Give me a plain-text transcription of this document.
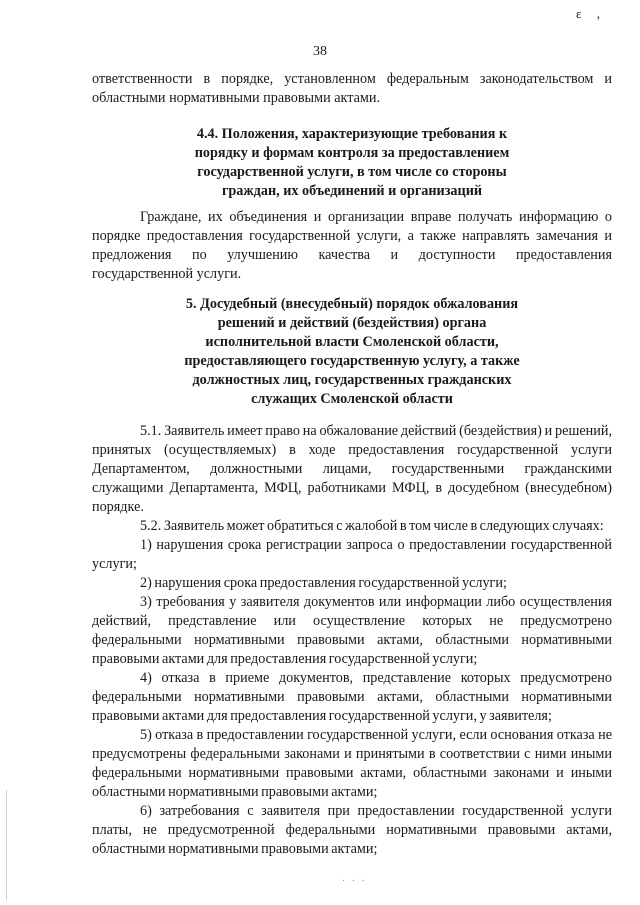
ɛ ,
38

ответственности в порядке, установленном федеральным законодательством и областными нормативными правовыми актами.

4.4. Положения, характеризующие требования к
порядку и формам контроля за предоставлением
государственной услуги, в том числе со стороны
граждан, их объединений и организаций

Граждане, их объединения и организации вправе получать информацию о порядке предоставления государственной услуги, а также направлять замечания и предложения по улучшению качества и доступности предоставления государственной услуги.

5. Досудебный (внесудебный) порядок обжалования
решений и действий (бездействия) органа
исполнительной власти Смоленской области,
предоставляющего государственную услугу, а также
должностных лиц, государственных гражданских
служащих Смоленской области

5.1. Заявитель имеет право на обжалование действий (бездействия) и решений, принятых (осуществляемых) в ходе предоставления государственной услуги Департаментом, должностными лицами, государственными гражданскими служащими Департамента, МФЦ, работниками МФЦ, в досудебном (внесудебном) порядке.

5.2. Заявитель может обратиться с жалобой в том числе в следующих случаях:

1) нарушения срока регистрации запроса о предоставлении государственной услуги;

2) нарушения срока предоставления государственной услуги;

3) требования у заявителя документов или информации либо осуществления действий, представление или осуществление которых не предусмотрено федеральными нормативными правовыми актами, областными нормативными правовыми актами для предоставления государственной услуги;

4) отказа в приеме документов, представление которых предусмотрено федеральными нормативными правовыми актами, областными нормативными правовыми актами для предоставления государственной услуги, у заявителя;

5) отказа в предоставлении государственной услуги, если основания отказа не предусмотрены федеральными законами и принятыми в соответствии с ними иными федеральными нормативными правовыми актами, областными законами и иными областными нормативными правовыми актами;

6) затребования с заявителя при предоставлении государственной услуги платы, не предусмотренной федеральными нормативными правовыми актами, областными нормативными правовыми актами;

· · ·
